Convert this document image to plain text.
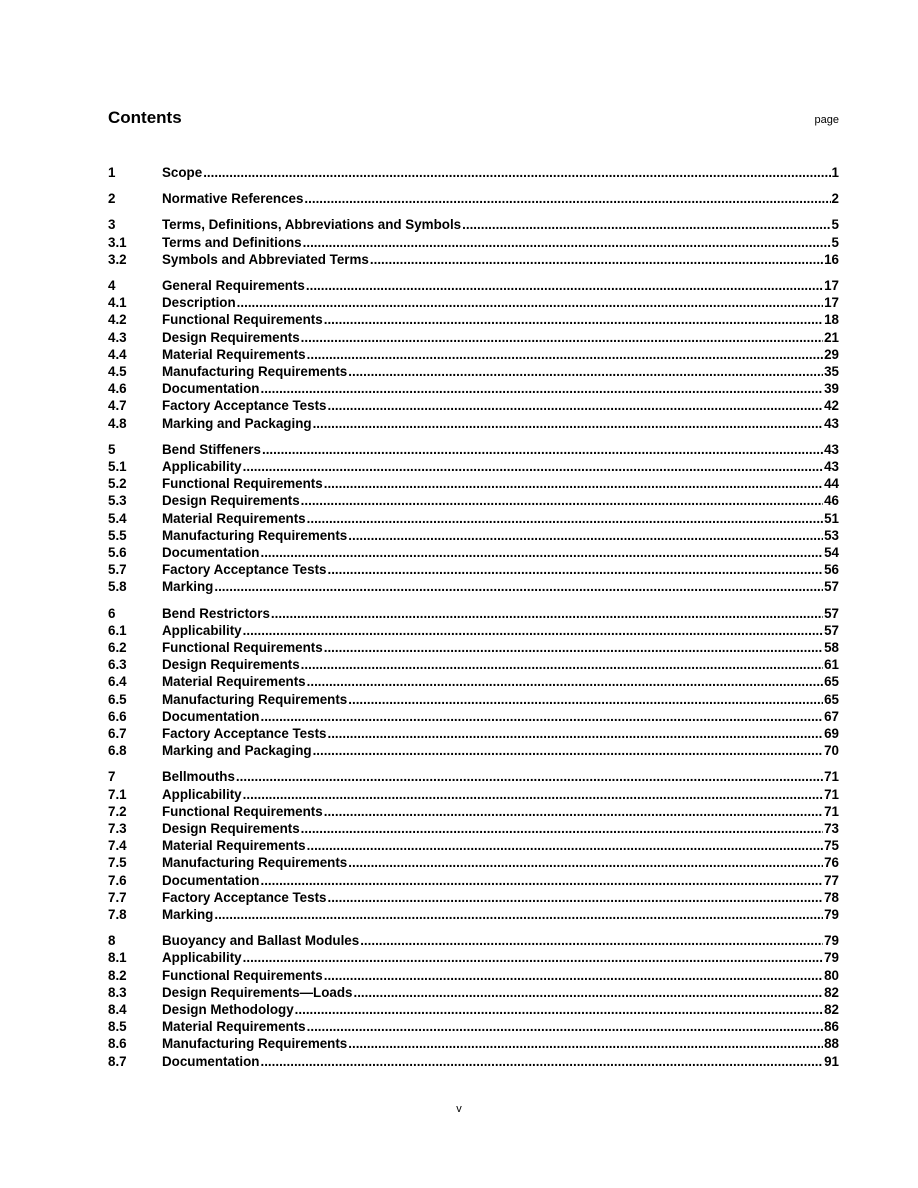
Contents	page
1	Scope .....	1
2	Normative References .....	2
3	Terms, Definitions, Abbreviations and Symbols .....	5
3.1	Terms and Definitions .....	5
3.2	Symbols and Abbreviated Terms .....	16
4	General Requirements .....	17
4.1	Description .....	17
4.2	Functional Requirements .....	18
4.3	Design Requirements .....	21
4.4	Material Requirements .....	29
4.5	Manufacturing Requirements .....	35
4.6	Documentation .....	39
4.7	Factory Acceptance Tests .....	42
4.8	Marking and Packaging .....	43
5	Bend Stiffeners .....	43
5.1	Applicability .....	43
5.2	Functional Requirements .....	44
5.3	Design Requirements .....	46
5.4	Material Requirements .....	51
5.5	Manufacturing Requirements .....	53
5.6	Documentation .....	54
5.7	Factory Acceptance Tests .....	56
5.8	Marking .....	57
6	Bend Restrictors .....	57
6.1	Applicability .....	57
6.2	Functional Requirements .....	58
6.3	Design Requirements .....	61
6.4	Material Requirements .....	65
6.5	Manufacturing Requirements .....	65
6.6	Documentation .....	67
6.7	Factory Acceptance Tests .....	69
6.8	Marking and Packaging .....	70
7	Bellmouths .....	71
7.1	Applicability .....	71
7.2	Functional Requirements .....	71
7.3	Design Requirements .....	73
7.4	Material Requirements .....	75
7.5	Manufacturing Requirements .....	76
7.6	Documentation .....	77
7.7	Factory Acceptance Tests .....	78
7.8	Marking .....	79
8	Buoyancy and Ballast Modules .....	79
8.1	Applicability .....	79
8.2	Functional Requirements .....	80
8.3	Design Requirements—Loads .....	82
8.4	Design Methodology .....	82
8.5	Material Requirements .....	86
8.6	Manufacturing Requirements .....	88
8.7	Documentation .....	91
v
